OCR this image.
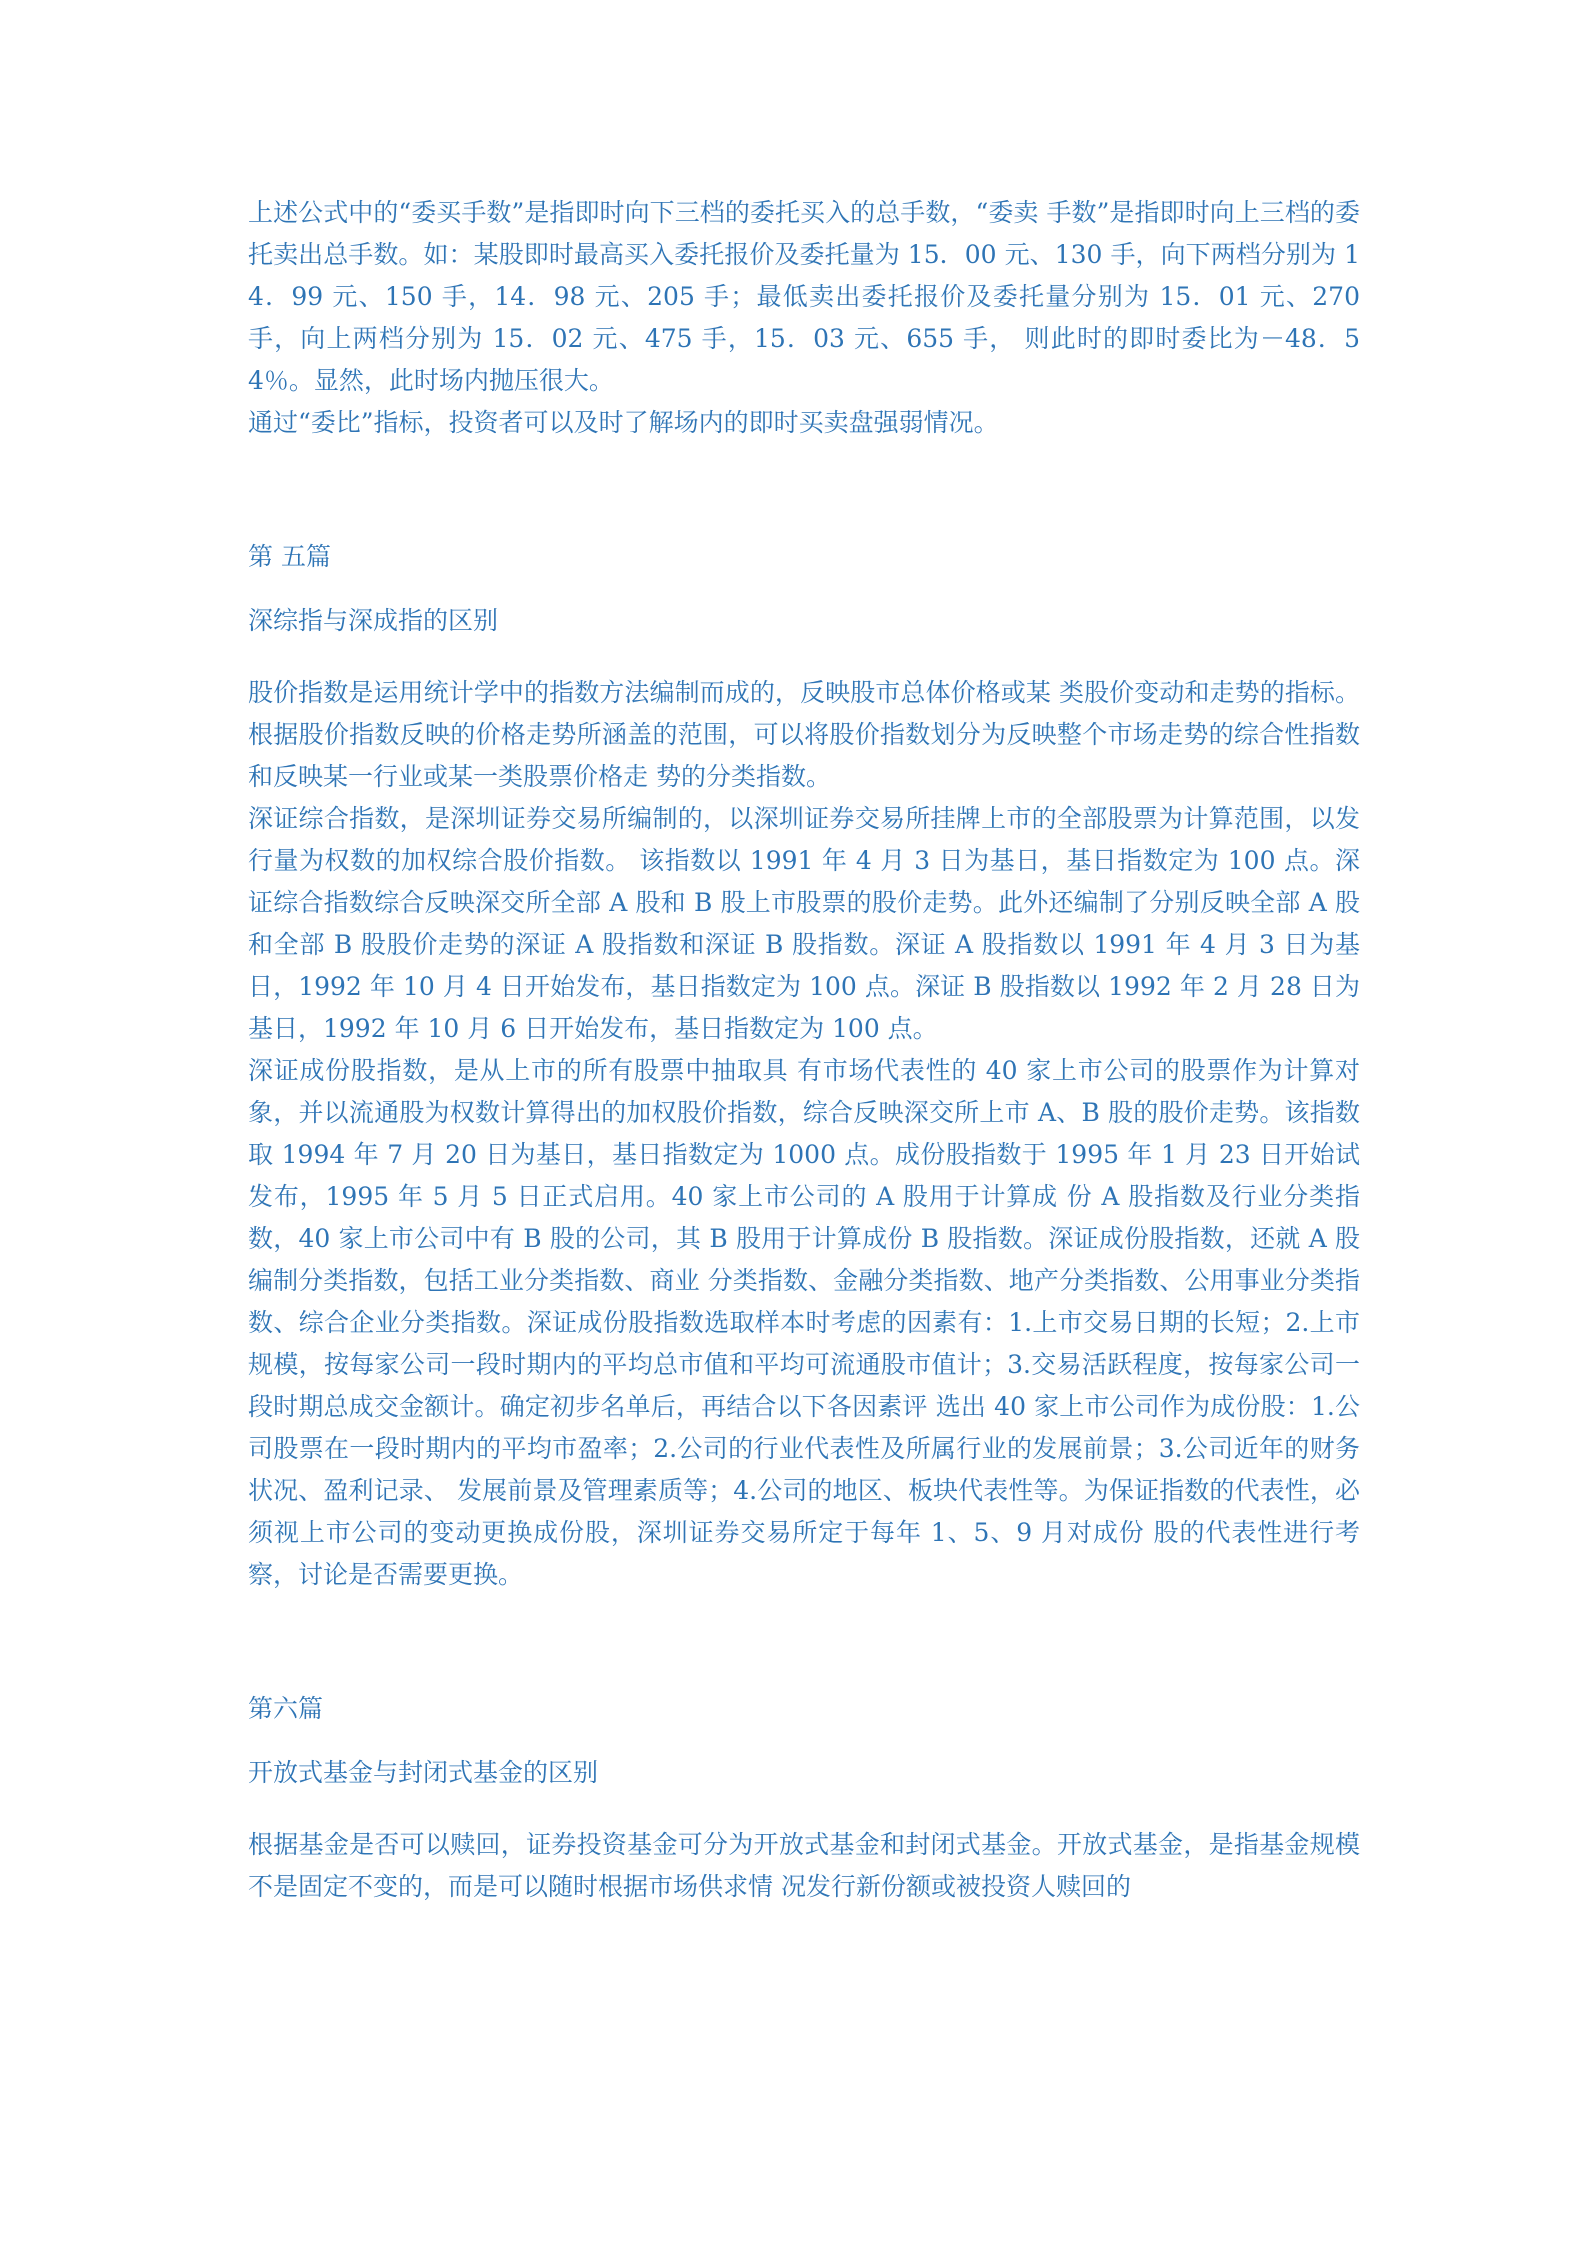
上述公式中的“委买手数”是指即时向下三档的委托买入的总手数，“委卖 手数”是指即时向上三档的委托卖出总手数。如：某股即时最高买入委托报价及委托量为 15．00 元、130 手，向下两档分别为 14．99 元、150 手，14．98 元、205 手；最低卖出委托报价及委托量分别为 15．01 元、270 手，向上两档分别为 15．02 元、475 手，15．03 元、655 手， 则此时的即时委比为－48．54％。显然，此时场内抛压很大。

通过“委比”指标，投资者可以及时了解场内的即时买卖盘强弱情况。

第 五篇

深综指与深成指的区别

股价指数是运用统计学中的指数方法编制而成的，反映股市总体价格或某 类股价变动和走势的指标。根据股价指数反映的价格走势所涵盖的范围，可以将股价指数划分为反映整个市场走势的综合性指数和反映某一行业或某一类股票价格走 势的分类指数。

深证综合指数，是深圳证券交易所编制的，以深圳证券交易所挂牌上市的全部股票为计算范围，以发行量为权数的加权综合股价指数。 该指数以 1991 年 4 月 3 日为基日，基日指数定为 100 点。深证综合指数综合反映深交所全部 A 股和 B 股上市股票的股价走势。此外还编制了分别反映全部 A 股 和全部 B 股股价走势的深证 A 股指数和深证 B 股指数。深证 A 股指数以 1991 年 4 月 3 日为基日，1992 年 10 月 4 日开始发布，基日指数定为 100 点。深证 B 股指数以 1992 年 2 月 28 日为基日，1992 年 10 月 6 日开始发布，基日指数定为 100 点。

深证成份股指数，是从上市的所有股票中抽取具 有市场代表性的 40 家上市公司的股票作为计算对象，并以流通股为权数计算得出的加权股价指数，综合反映深交所上市 A、B 股的股价走势。该指数取 1994 年 7 月 20 日为基日，基日指数定为 1000 点。成份股指数于 1995 年 1 月 23 日开始试发布，1995 年 5 月 5 日正式启用。40 家上市公司的 A 股用于计算成 份 A 股指数及行业分类指数，40 家上市公司中有 B 股的公司，其 B 股用于计算成份 B 股指数。深证成份股指数，还就 A 股编制分类指数，包括工业分类指数、商业 分类指数、金融分类指数、地产分类指数、公用事业分类指数、综合企业分类指数。深证成份股指数选取样本时考虑的因素有：1.上市交易日期的长短；2.上市 规模，按每家公司一段时期内的平均总市值和平均可流通股市值计；3.交易活跃程度，按每家公司一段时期总成交金额计。确定初步名单后，再结合以下各因素评 选出 40 家上市公司作为成份股：1.公司股票在一段时期内的平均市盈率；2.公司的行业代表性及所属行业的发展前景；3.公司近年的财务状况、盈利记录、 发展前景及管理素质等；4.公司的地区、板块代表性等。为保证指数的代表性，必须视上市公司的变动更换成份股，深圳证券交易所定于每年 1、5、9 月对成份 股的代表性进行考察，讨论是否需要更换。

第六篇

开放式基金与封闭式基金的区别

根据基金是否可以赎回，证券投资基金可分为开放式基金和封闭式基金。开放式基金，是指基金规模不是固定不变的，而是可以随时根据市场供求情 况发行新份额或被投资人赎回的
